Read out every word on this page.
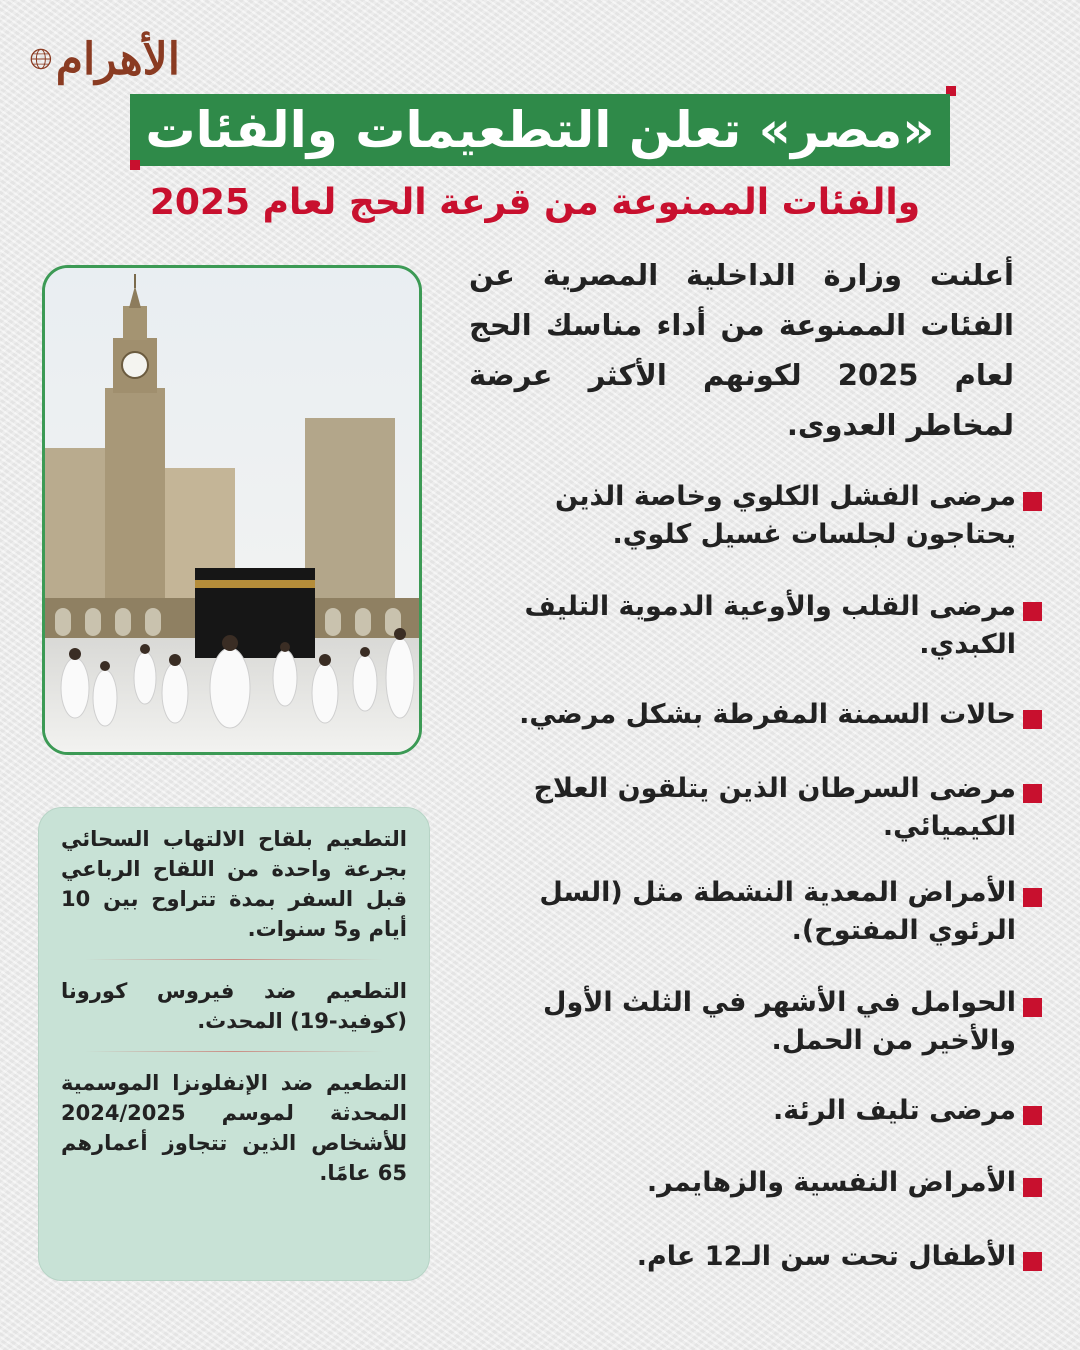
الأهرام
«مصر» تعلن التطعيمات والفئات
والفئات الممنوعة من قرعة الحج لعام 2025
أعلنت وزارة الداخلية المصرية عن الفئات الممنوعة من أداء مناسك الحج لعام 2025 لكونهم الأكثر عرضة لمخاطر العدوى.
مرضى الفشل الكلوي وخاصة الذين يحتاجون لجلسات غسيل كلوي.
مرضى القلب والأوعية الدموية التليف الكبدي.
حالات السمنة المفرطة بشكل مرضي.
مرضى السرطان الذين يتلقون العلاج الكيميائي.
الأمراض المعدية النشطة مثل (السل الرئوي المفتوح).
الحوامل في الأشهر في الثلث الأول والأخير من الحمل.
مرضى تليف الرئة.
الأمراض النفسية والزهايمر.
الأطفال تحت سن الـ12 عام.
التطعيم بلقاح الالتهاب السحائي بجرعة واحدة من اللقاح الرباعي قبل السفر بمدة تتراوح بين 10 أيام و5 سنوات.
التطعيم ضد فيروس كورونا (كوفيد-19) المحدث.
التطعيم ضد الإنفلونزا الموسمية المحدثة لموسم 2024/2025 للأشخاص الذين تتجاوز أعمارهم 65 عامًا.
